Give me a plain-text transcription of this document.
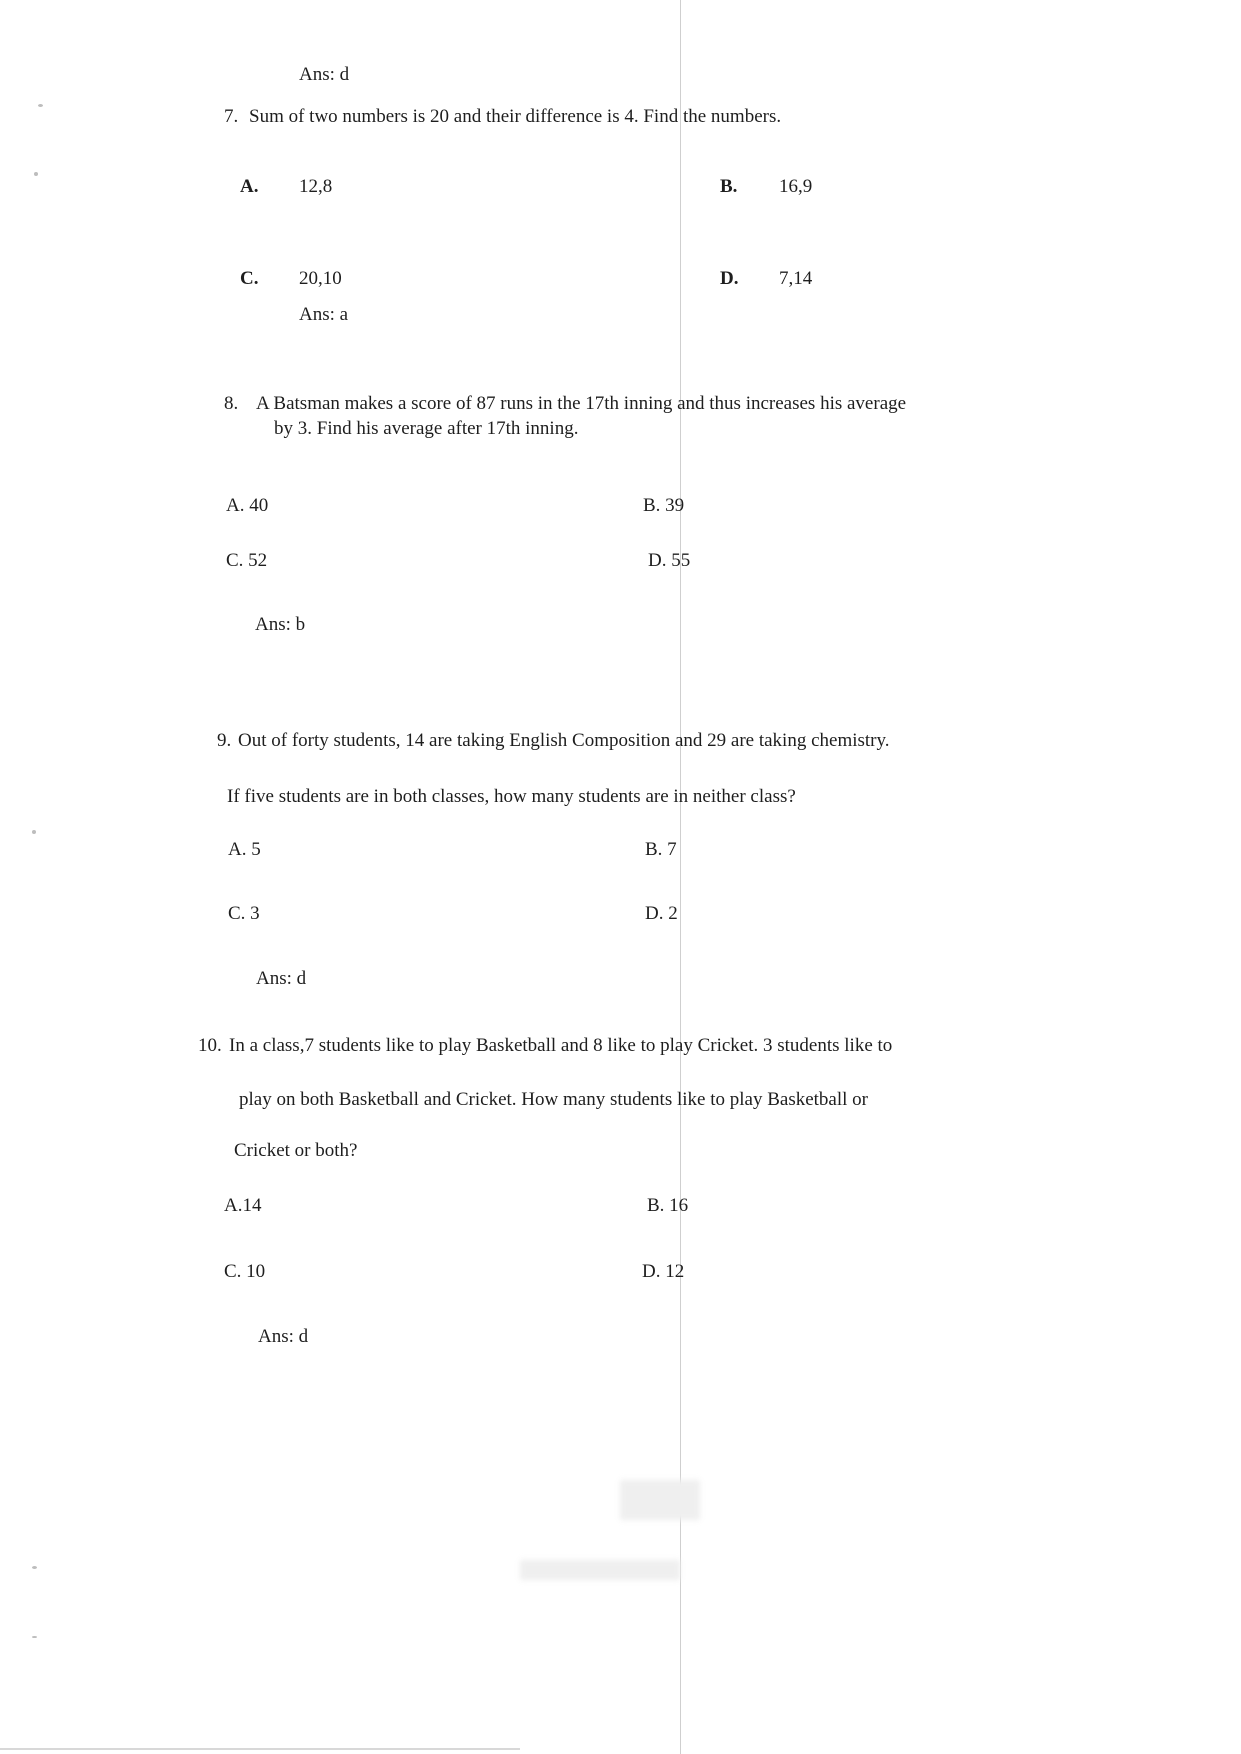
Ans: d
7. Sum of two numbers is 20 and their difference is 4. Find the numbers.
A. 12,8	B. 16,9
C. 20,10	D. 7,14
Ans: a
8. A Batsman makes a score of 87 runs in the 17th inning and thus increases his average
by 3. Find his average after 17th inning.
A. 40	B. 39
C. 52	D. 55
Ans: b
9. Out of forty students, 14 are taking English Composition and 29 are taking chemistry.
If five students are in both classes, how many students are in neither class?
A. 5	B. 7
C. 3	D. 2
Ans: d
10. In a class,7 students like to play Basketball and 8 like to play Cricket. 3 students like to
play on both Basketball and Cricket. How many students like to play Basketball or
Cricket or both?
A.14	B. 16
C. 10	D. 12
Ans: d
